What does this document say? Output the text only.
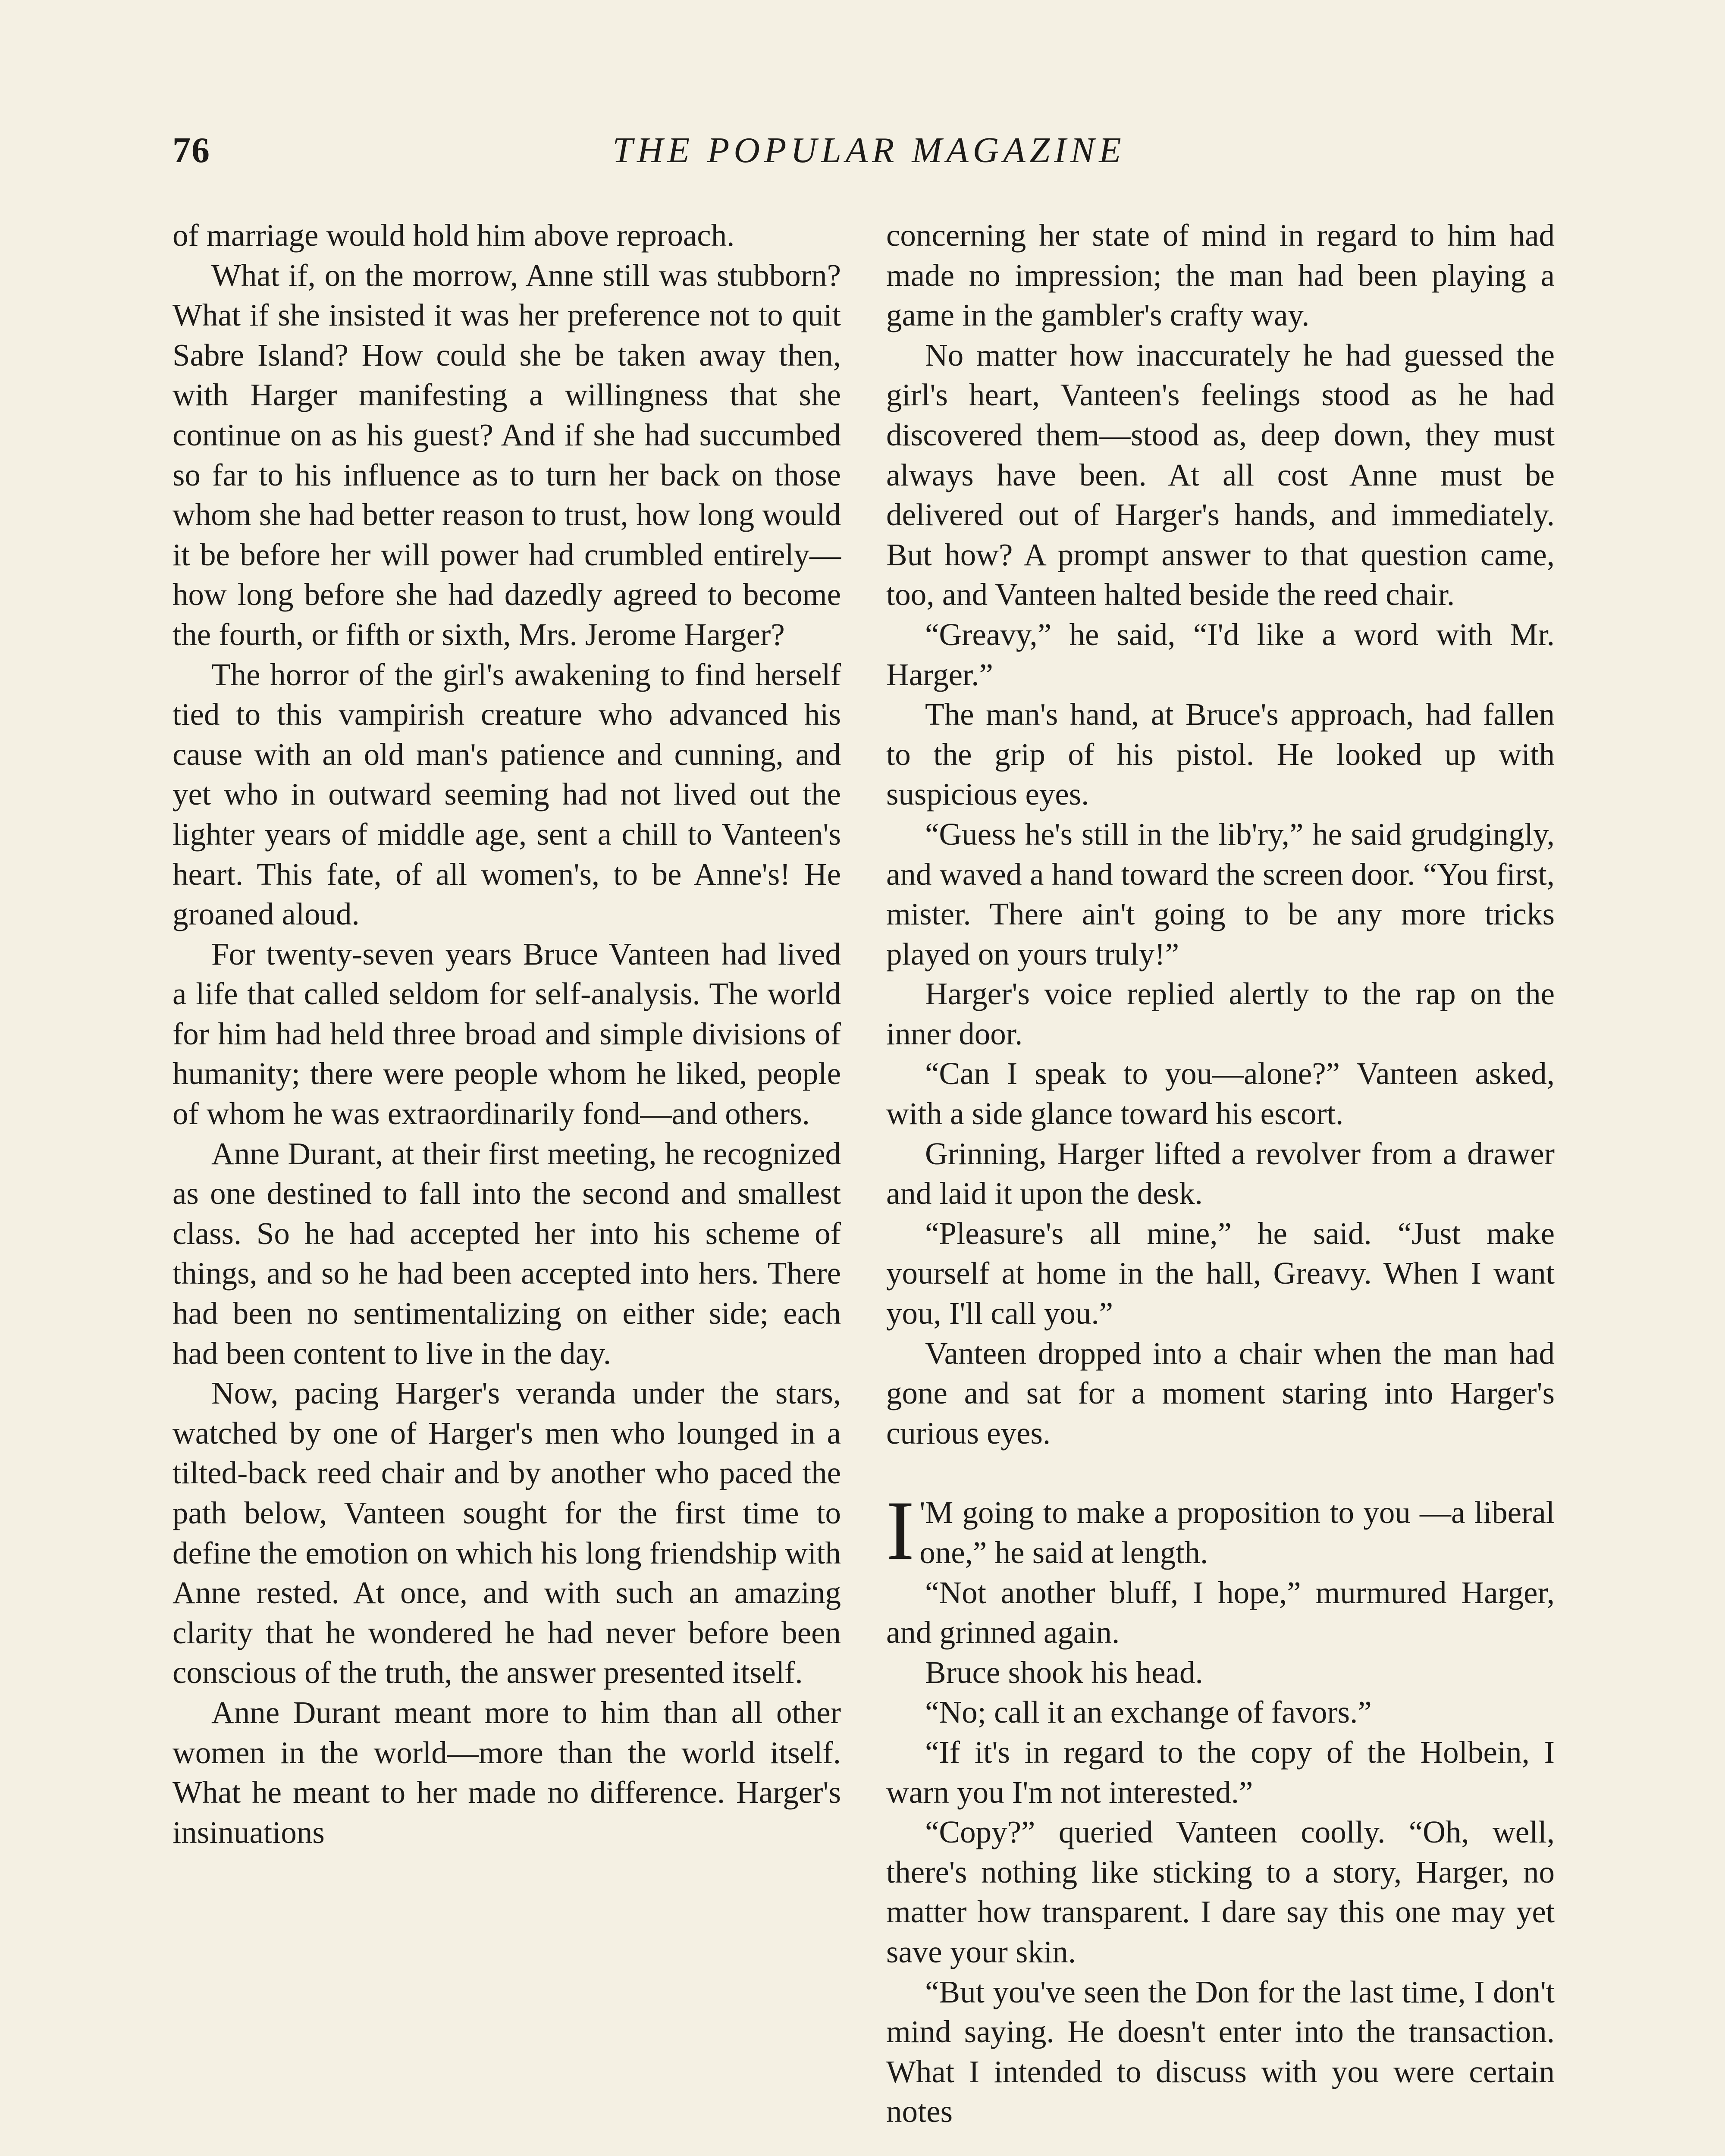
76	THE POPULAR MAGAZINE

of marriage would hold him above reproach.

What if, on the morrow, Anne still was stubborn? What if she insisted it was her preference not to quit Sabre Island? How could she be taken away then, with Harger manifesting a willingness that she continue on as his guest? And if she had succumbed so far to his influence as to turn her back on those whom she had better reason to trust, how long would it be before her will power had crumbled entirely—how long before she had dazedly agreed to become the fourth, or fifth or sixth, Mrs. Jerome Harger?

The horror of the girl's awakening to find herself tied to this vampirish creature who advanced his cause with an old man's patience and cunning, and yet who in outward seeming had not lived out the lighter years of middle age, sent a chill to Vanteen's heart. This fate, of all women's, to be Anne's! He groaned aloud.

For twenty-seven years Bruce Vanteen had lived a life that called seldom for self-analysis. The world for him had held three broad and simple divisions of humanity; there were people whom he liked, people of whom he was extraordinarily fond—and others.

Anne Durant, at their first meeting, he recognized as one destined to fall into the second and smallest class. So he had accepted her into his scheme of things, and so he had been accepted into hers. There had been no sentimentalizing on either side; each had been content to live in the day.

Now, pacing Harger's veranda under the stars, watched by one of Harger's men who lounged in a tilted-back reed chair and by another who paced the path below, Vanteen sought for the first time to define the emotion on which his long friendship with Anne rested. At once, and with such an amazing clarity that he wondered he had never before been conscious of the truth, the answer presented itself.

Anne Durant meant more to him than all other women in the world—more than the world itself. What he meant to her made no difference. Harger's insinuations

concerning her state of mind in regard to him had made no impression; the man had been playing a game in the gambler's crafty way.

No matter how inaccurately he had guessed the girl's heart, Vanteen's feelings stood as he had discovered them—stood as, deep down, they must always have been. At all cost Anne must be delivered out of Harger's hands, and immediately. But how? A prompt answer to that question came, too, and Vanteen halted beside the reed chair.

“Greavy,” he said, “I'd like a word with Mr. Harger.”

The man's hand, at Bruce's approach, had fallen to the grip of his pistol. He looked up with suspicious eyes.

“Guess he's still in the lib'ry,” he said grudgingly, and waved a hand toward the screen door. “You first, mister. There ain't going to be any more tricks played on yours truly!”

Harger's voice replied alertly to the rap on the inner door.

“Can I speak to you—alone?” Vanteen asked, with a side glance toward his escort.

Grinning, Harger lifted a revolver from a drawer and laid it upon the desk.

“Pleasure's all mine,” he said. “Just make yourself at home in the hall, Greavy. When I want you, I'll call you.”

Vanteen dropped into a chair when the man had gone and sat for a moment staring into Harger's curious eyes.

I 'M going to make a proposition to you —a liberal one,” he said at length.

“Not another bluff, I hope,” murmured Harger, and grinned again.

Bruce shook his head.

“No; call it an exchange of favors.”

“If it's in regard to the copy of the Holbein, I warn you I'm not interested.”

“Copy?” queried Vanteen coolly. “Oh, well, there's nothing like sticking to a story, Harger, no matter how transparent. I dare say this one may yet save your skin.

“But you've seen the Don for the last time, I don't mind saying. He doesn't enter into the transaction. What I intended to discuss with you were certain notes
